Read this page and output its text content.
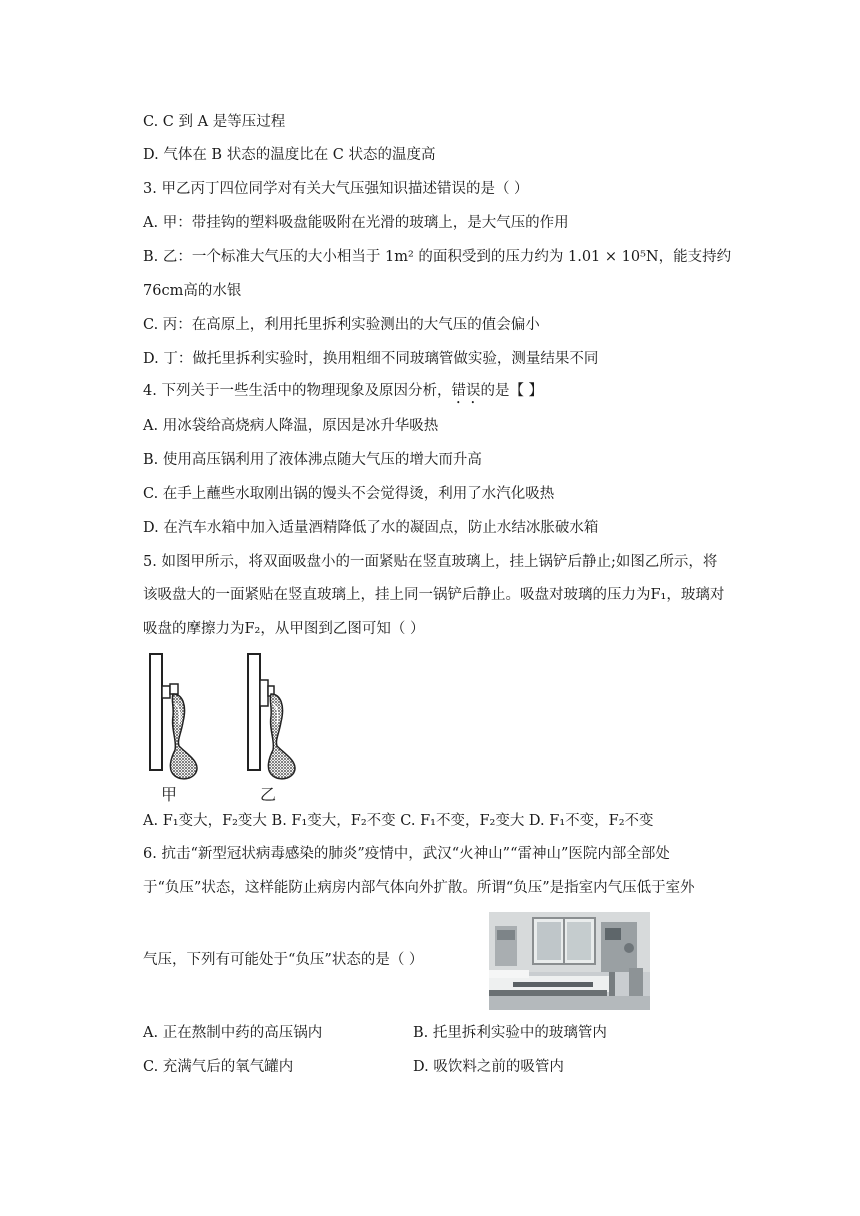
C. C 到 A 是等压过程
D. 气体在 B 状态的温度比在 C 状态的温度高
3. 甲乙丙丁四位同学对有关大气压强知识描述错误的是（ ）
A. 甲：带挂钩的塑料吸盘能吸附在光滑的玻璃上，是大气压的作用
B. 乙：一个标准大气压的大小相当于 1m² 的面积受到的压力约为 1.01 × 10⁵N，能支持约
76cm高的水银
C. 丙：在高原上，利用托里拆利实验测出的大气压的值会偏小
D. 丁：做托里拆利实验时，换用粗细不同玻璃管做实验，测量结果不同
4. 下列关于一些生活中的物理现象及原因分析，错误的是【 】
A. 用冰袋给高烧病人降温，原因是冰升华吸热
B. 使用高压锅利用了液体沸点随大气压的增大而升高
C. 在手上蘸些水取刚出锅的馒头不会觉得烫，利用了水汽化吸热
D. 在汽车水箱中加入适量酒精降低了水的凝固点，防止水结冰胀破水箱
5. 如图甲所示，将双面吸盘小的一面紧贴在竖直玻璃上，挂上锅铲后静止;如图乙所示，将
该吸盘大的一面紧贴在竖直玻璃上，挂上同一锅铲后静止。吸盘对玻璃的压力为F₁，玻璃对
吸盘的摩擦力为F₂，从甲图到乙图可知（ ）
甲	乙
A. F₁变大，F₂变大 B. F₁变大，F₂不变 C. F₁不变，F₂变大 D. F₁不变，F₂不变
6. 抗击“新型冠状病毒感染的肺炎”疫情中，武汉“火神山”“雷神山”医院内部全部处
于“负压”状态，这样能防止病房内部气体向外扩散。所谓“负压”是指室内气压低于室外
气压，下列有可能处于“负压”状态的是（ ）
A. 正在熬制中药的高压锅内	B. 托里拆利实验中的玻璃管内
C. 充满气后的氧气罐内	D. 吸饮料之前的吸管内
